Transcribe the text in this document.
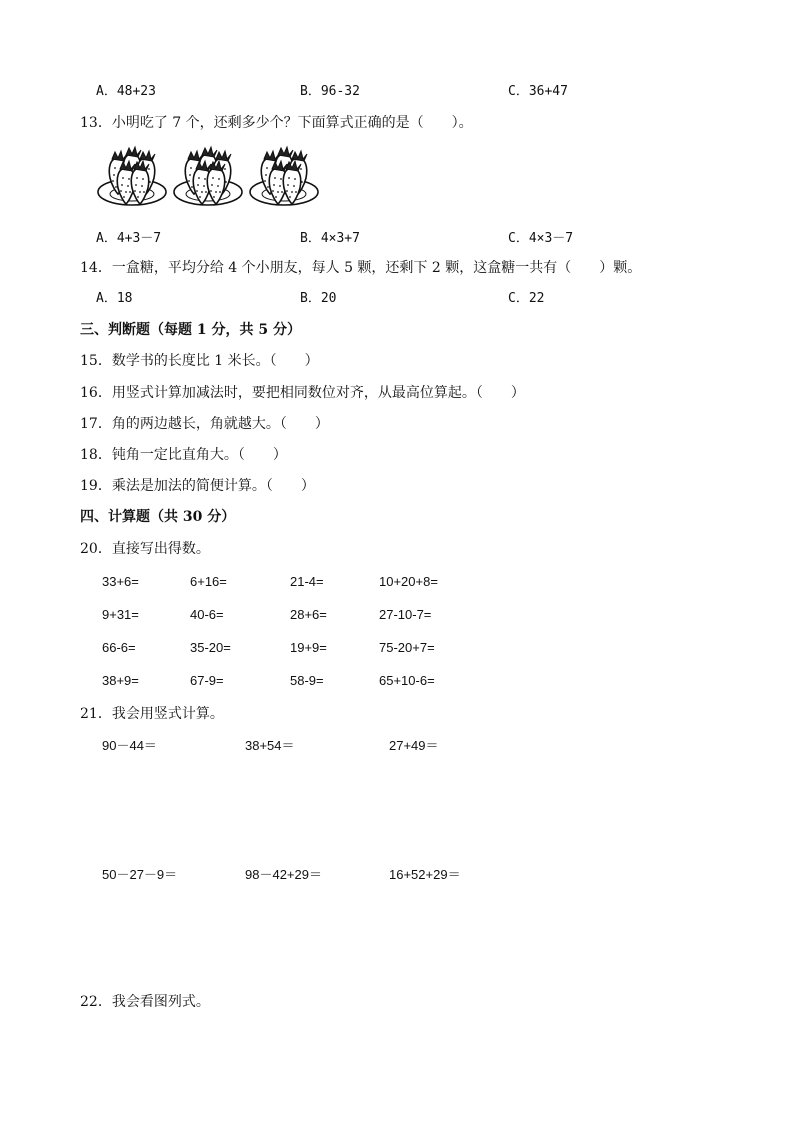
A．48+23	B．96-32	C．36+47
13．小明吃了 7 个，还剩多少个？下面算式正确的是（　　）。
A．4+3－7	B．4×3+7	C．4×3－7
14．一盒糖，平均分给 4 个小朋友，每人 5 颗，还剩下 2 颗，这盒糖一共有（　　）颗。
A．18	B．20	C．22
三、判断题（每题 1 分，共 5 分）
15．数学书的长度比 1 米长。（　　）
16．用竖式计算加减法时，要把相同数位对齐，从最高位算起。（　　）
17．角的两边越长，角就越大。（　　）
18．钝角一定比直角大。（　　）
19．乘法是加法的简便计算。（　　）
四、计算题（共 30 分）
20．直接写出得数。
33+6=	6+16=	21-4=	10+20+8=
9+31=	40-6=	28+6=	27-10-7=
66-6=	35-20=	19+9=	75-20+7=
38+9=	67-9=	58-9=	65+10-6=
21．我会用竖式计算。
90－44＝	38+54＝	27+49＝
50－27－9＝	98－42+29＝	16+52+29＝
22．我会看图列式。
